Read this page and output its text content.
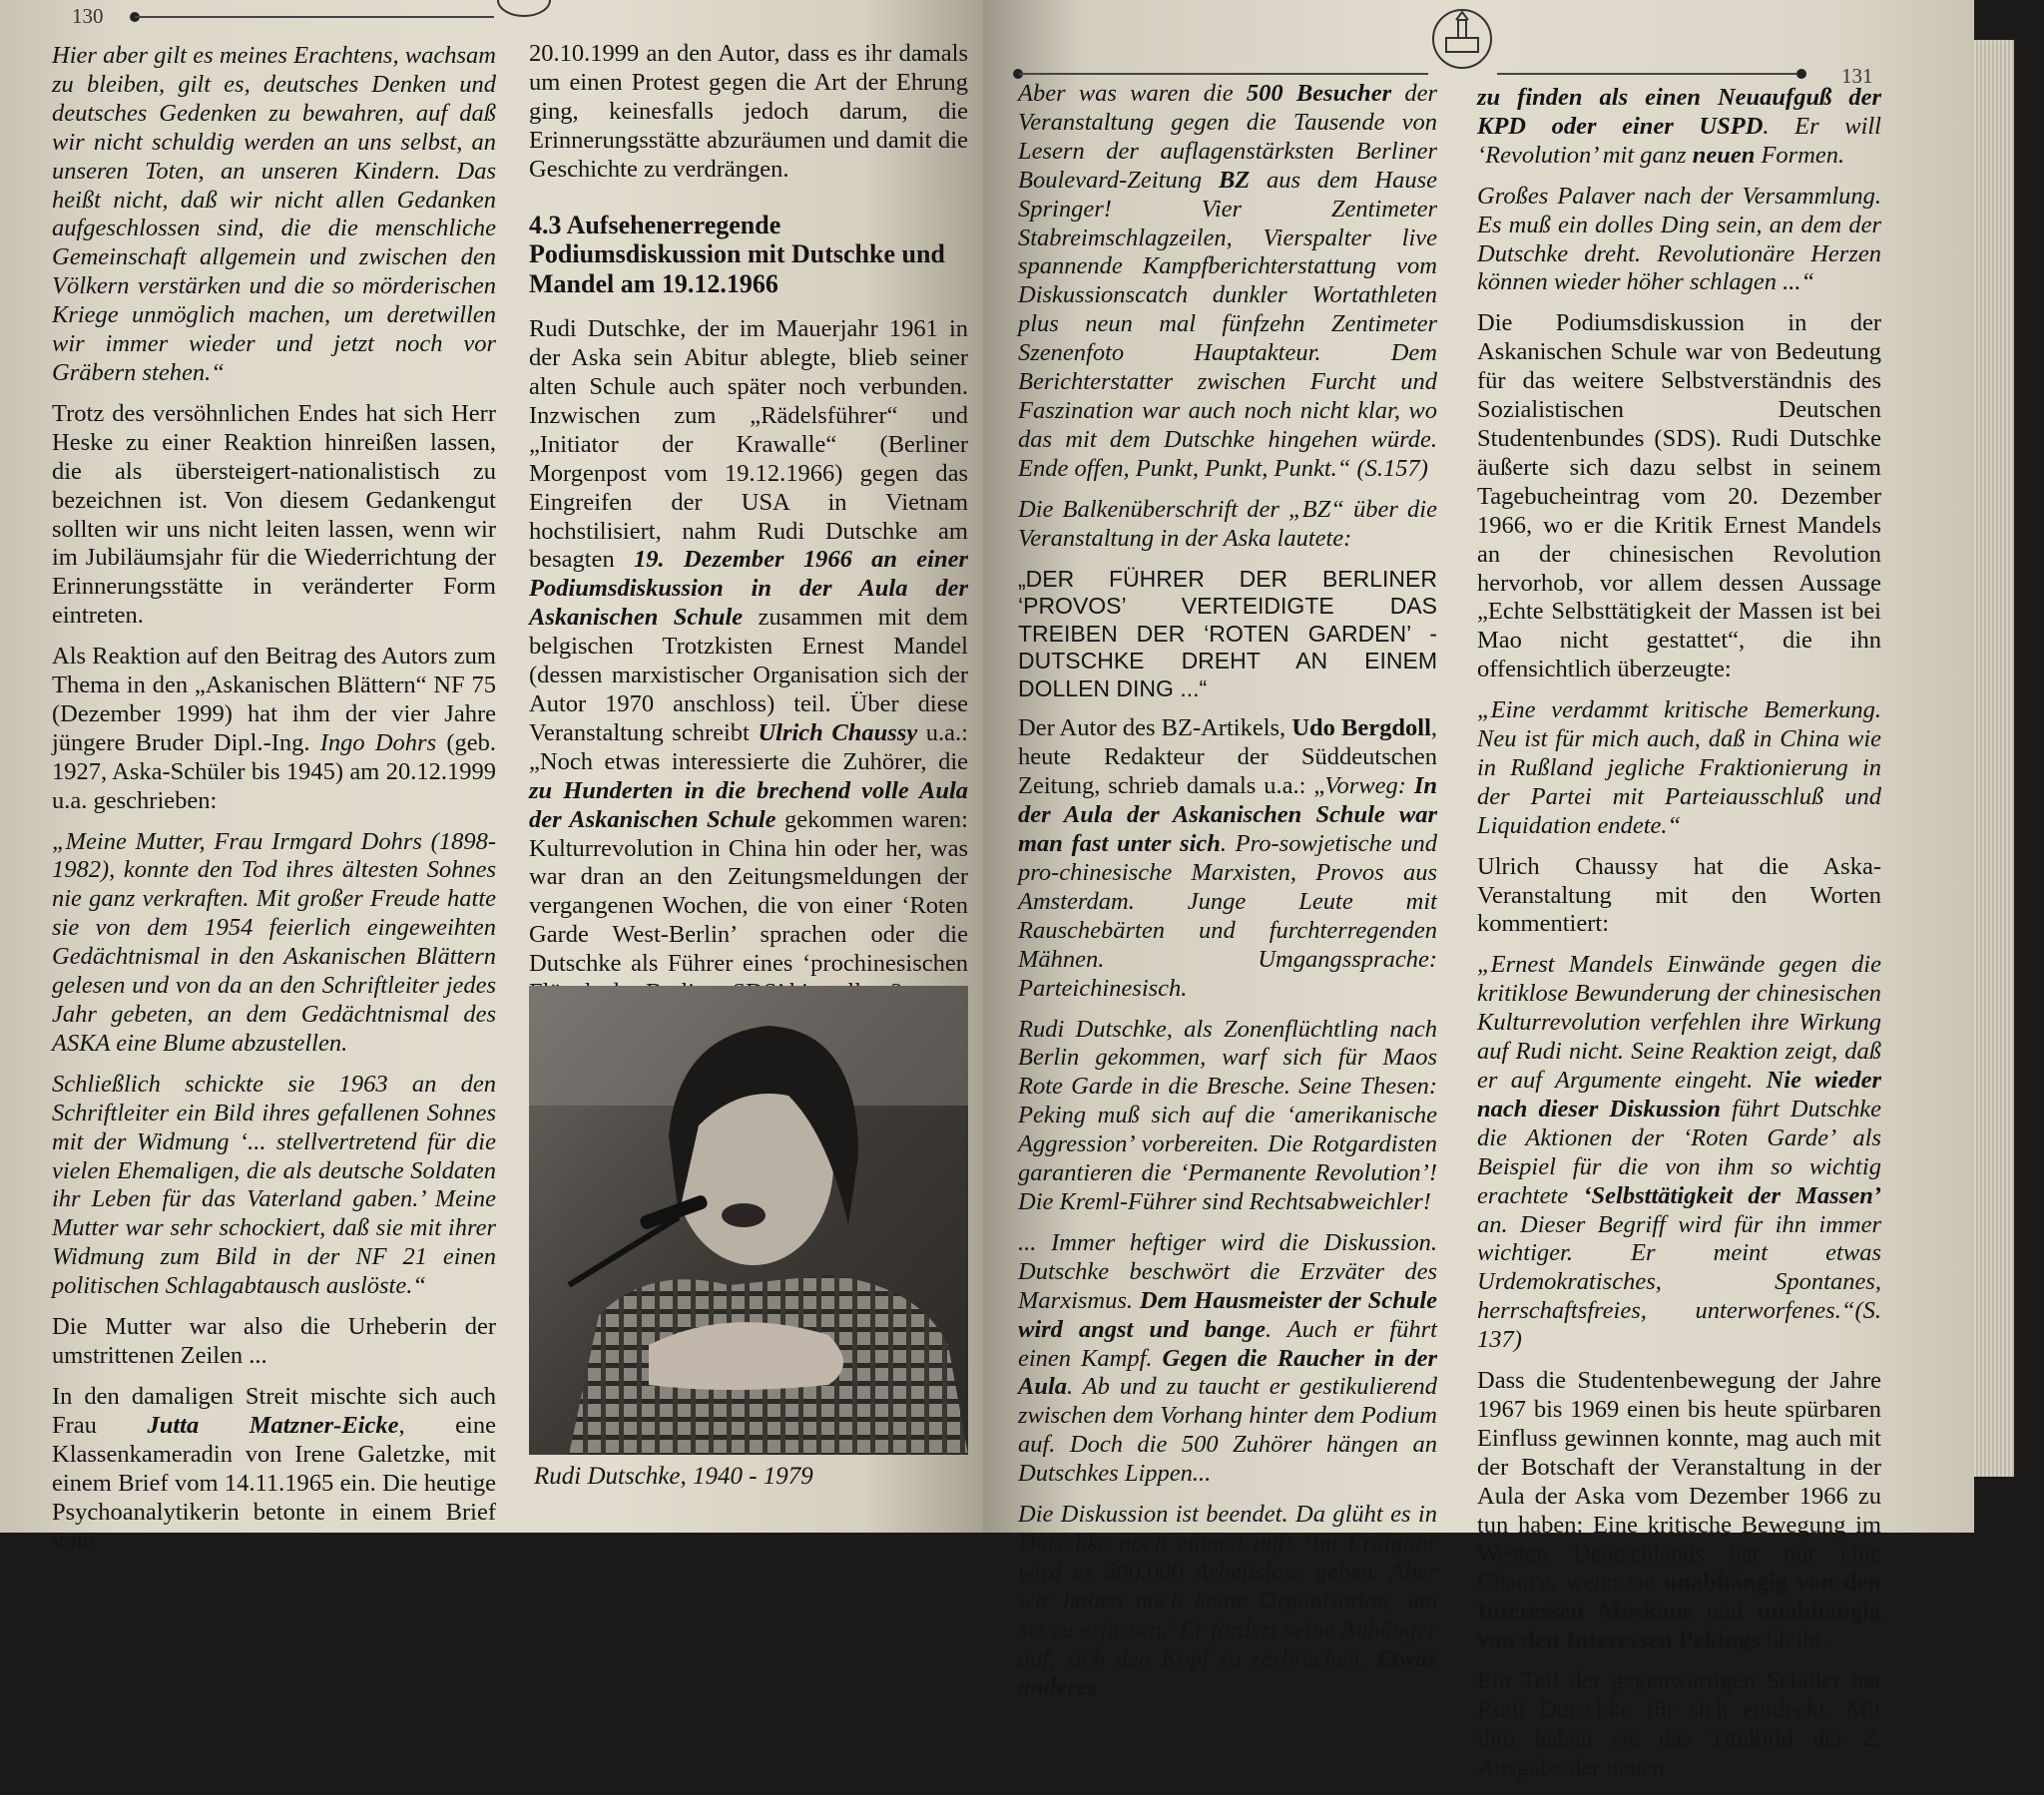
130

Hier aber gilt es meines Erachtens, wachsam zu bleiben, gilt es, deutsches Denken und deutsches Gedenken zu bewahren, auf daß wir nicht schuldig werden an uns selbst, an unseren Toten, an unseren Kindern. Das heißt nicht, daß wir nicht allen Gedanken aufgeschlossen sind, die die menschliche Gemeinschaft allgemein und zwischen den Völkern verstärken und die so mörderischen Kriege unmöglich machen, um deretwillen wir immer wieder und jetzt noch vor Gräbern stehen.“

Trotz des versöhnlichen Endes hat sich Herr Heske zu einer Reaktion hinreißen lassen, die als übersteigert-nationalistisch zu bezeichnen ist. Von diesem Gedankengut sollten wir uns nicht leiten lassen, wenn wir im Jubiläumsjahr für die Wiederrichtung der Erinnerungsstätte in veränderter Form eintreten.

Als Reaktion auf den Beitrag des Autors zum Thema in den „Askanischen Blättern“ NF 75 (Dezember 1999) hat ihm der vier Jahre jüngere Bruder Dipl.-Ing. Ingo Dohrs (geb. 1927, Aska-Schüler bis 1945) am 20.12.1999 u.a. geschrieben:

„Meine Mutter, Frau Irmgard Dohrs (1898-1982), konnte den Tod ihres ältesten Sohnes nie ganz verkraften. Mit großer Freude hatte sie von dem 1954 feierlich eingeweihten Gedächtnismal in den Askanischen Blättern gelesen und von da an den Schriftleiter jedes Jahr gebeten, an dem Gedächtnismal des ASKA eine Blume abzustellen.

Schließlich schickte sie 1963 an den Schriftleiter ein Bild ihres gefallenen Sohnes mit der Widmung ‘... stellvertretend für die vielen Ehemaligen, die als deutsche Soldaten ihr Leben für das Vaterland gaben.’ Meine Mutter war sehr schockiert, daß sie mit ihrer Widmung zum Bild in der NF 21 einen politischen Schlagabtausch auslöste.“

Die Mutter war also die Urheberin der umstrittenen Zeilen ...

In den damaligen Streit mischte sich auch Frau Jutta Matzner-Eicke, eine Klassenkameradin von Irene Galetzke, mit einem Brief vom 14.11.1965 ein. Die heutige Psychoanalytikerin betonte in einem Brief vom

20.10.1999 an den Autor, dass es ihr damals um einen Protest gegen die Art der Ehrung ging, keinesfalls jedoch darum, die Erinnerungsstätte abzuräumen und damit die Geschichte zu verdrängen.

4.3 Aufsehenerregende Podiumsdiskussion mit Dutschke und Mandel am 19.12.1966

Rudi Dutschke, der im Mauerjahr 1961 in der Aska sein Abitur ablegte, blieb seiner alten Schule auch später noch verbunden. Inzwischen zum „Rädelsführer“ und „Initiator der Krawalle“ (Berliner Morgenpost vom 19.12.1966) gegen das Eingreifen der USA in Vietnam hochstilisiert, nahm Rudi Dutschke am besagten 19. Dezember 1966 an einer Podiumsdiskussion in der Aula der Askanischen Schule zusammen mit dem belgischen Trotzkisten Ernest Mandel (dessen marxistischer Organisation sich der Autor 1970 anschloss) teil. Über diese Veranstaltung schreibt Ulrich Chaussy u.a.: „Noch etwas interessierte die Zuhörer, die zu Hunderten in die brechend volle Aula der Askanischen Schule gekommen waren: Kulturrevolution in China hin oder her, was war dran an den Zeitungsmeldungen der vergangenen Wochen, die von einer ‘Roten Garde West-Berlin’ sprachen oder die Dutschke als Führer eines ‘prochinesischen

Rudi Dutschke, 1940 - 1979
131

Aber was waren die 500 Besucher der Veranstaltung gegen die Tausende von Lesern der auflagenstärksten Berliner Boulevard-Zeitung BZ aus dem Hause Springer! Vier Zentimeter Stabreimschlagzeilen, Vierspalter live spannende Kampfberichterstattung vom Diskussionscatch dunkler Wortathleten plus neun mal fünfzehn Zentimeter Szenenfoto Hauptakteur. Dem Berichterstatter zwischen Furcht und Faszination war auch noch nicht klar, wo das mit dem Dutschke hingehen würde. Ende offen, Punkt, Punkt, Punkt.“ (S.157)

Die Balkenüberschrift der „BZ“ über die Veranstaltung in der Aska lautete:

„DER FÜHRER DER BERLINER ‘PROVOS’ VERTEIDIGTE DAS TREIBEN DER ‘ROTEN GARDEN’ - DUTSCHKE DREHT AN EINEM DOLLEN DING ...“

Der Autor des BZ-Artikels, Udo Bergdoll, heute Redakteur der Süddeutschen Zeitung, schrieb damals u.a.: „Vorweg: In der Aula der Askanischen Schule war man fast unter sich. Pro-sowjetische und pro-chinesische Marxisten, Provos aus Amsterdam. Junge Leute mit Rauschebärten und furchterregenden Mähnen. Umgangssprache: Parteichinesisch.

Rudi Dutschke, als Zonenflüchtling nach Berlin gekommen, warf sich für Maos Rote Garde in die Bresche. Seine Thesen: Peking muß sich auf die ‘amerikanische Aggression’ vorbereiten. Die Rotgardisten garantieren die ‘Permanente Revolution’! Die Kreml-Führer sind Rechtsabweichler!

... Immer heftiger wird die Diskussion. Dutschke beschwört die Erzväter des Marxismus. Dem Hausmeister der Schule wird angst und bange. Auch er führt einen Kampf. Gegen die Raucher in der Aula. Ab und zu taucht er gestikulierend zwischen dem Vorhang hinter dem Podium auf. Doch die 500 Zuhörer hängen an Dutschkes Lippen...

Die Diskussion ist beendet. Da glüht es in Dutschke noch einmal auf: ‘Im Frühjahr wird es 500.000 Arbeitslose geben. Aber wir haben noch keine Organisation, um sie zu erfassen.’ Er fordert seine Anhänger auf, sich den Kopf zu zerbrechen. Etwas anderes

zu finden als einen Neuaufguß der KPD oder einer USPD. Er will ‘Revolution’ mit ganz neuen Formen.

Großes Palaver nach der Versammlung. Es muß ein dolles Ding sein, an dem der Dutschke dreht. Revolutionäre Herzen können wieder höher schlagen ...“

Die Podiumsdiskussion in der Askanischen Schule war von Bedeutung für das weitere Selbstverständnis des Sozialistischen Deutschen Studentenbundes (SDS). Rudi Dutschke äußerte sich dazu selbst in seinem Tagebucheintrag vom 20. Dezember 1966, wo er die Kritik Ernest Mandels an der chinesischen Revolution hervorhob, vor allem dessen Aussage „Echte Selbsttätigkeit der Massen ist bei Mao nicht gestattet“, die ihn offensichtlich überzeugte:

„Eine verdammt kritische Bemerkung. Neu ist für mich auch, daß in China wie in Rußland jegliche Fraktionierung in der Partei mit Parteiausschluß und Liquidation endete.“

Ulrich Chaussy hat die Aska-Veranstaltung mit den Worten kommentiert:

„Ernest Mandels Einwände gegen die kritiklose Bewunderung der chinesischen Kulturrevolution verfehlen ihre Wirkung auf Rudi nicht. Seine Reaktion zeigt, daß er auf Argumente eingeht. Nie wieder nach dieser Diskussion führt Dutschke die Aktionen der ‘Roten Garde’ als Beispiel für die von ihm so wichtig erachtete ‘Selbsttätigkeit der Massen’ an. Dieser Begriff wird für ihn immer wichtiger. Er meint etwas Urdemokratisches, Spontanes, herrschaftsfreies, unterworfenes.“(S. 137)

Dass die Studentenbewegung der Jahre 1967 bis 1969 einen bis heute spürbaren Einfluss gewinnen konnte, mag auch mit der Botschaft der Veranstaltung in der Aula der Aska vom Dezember 1966 zu tun haben: Eine kritische Bewegung im Westen Deutschlands hat nur eine Chance, wenn sie unabhängig von den Interessen Moskaus und unabhängig von den Interessen Pekings bleibt.

Ein Teil der gegenwärtigen Schüler hat Rudi Dutschke für sich entdeckt. Mit ihm haben sie das Titelbild der 2. Ausgabe der neuen
